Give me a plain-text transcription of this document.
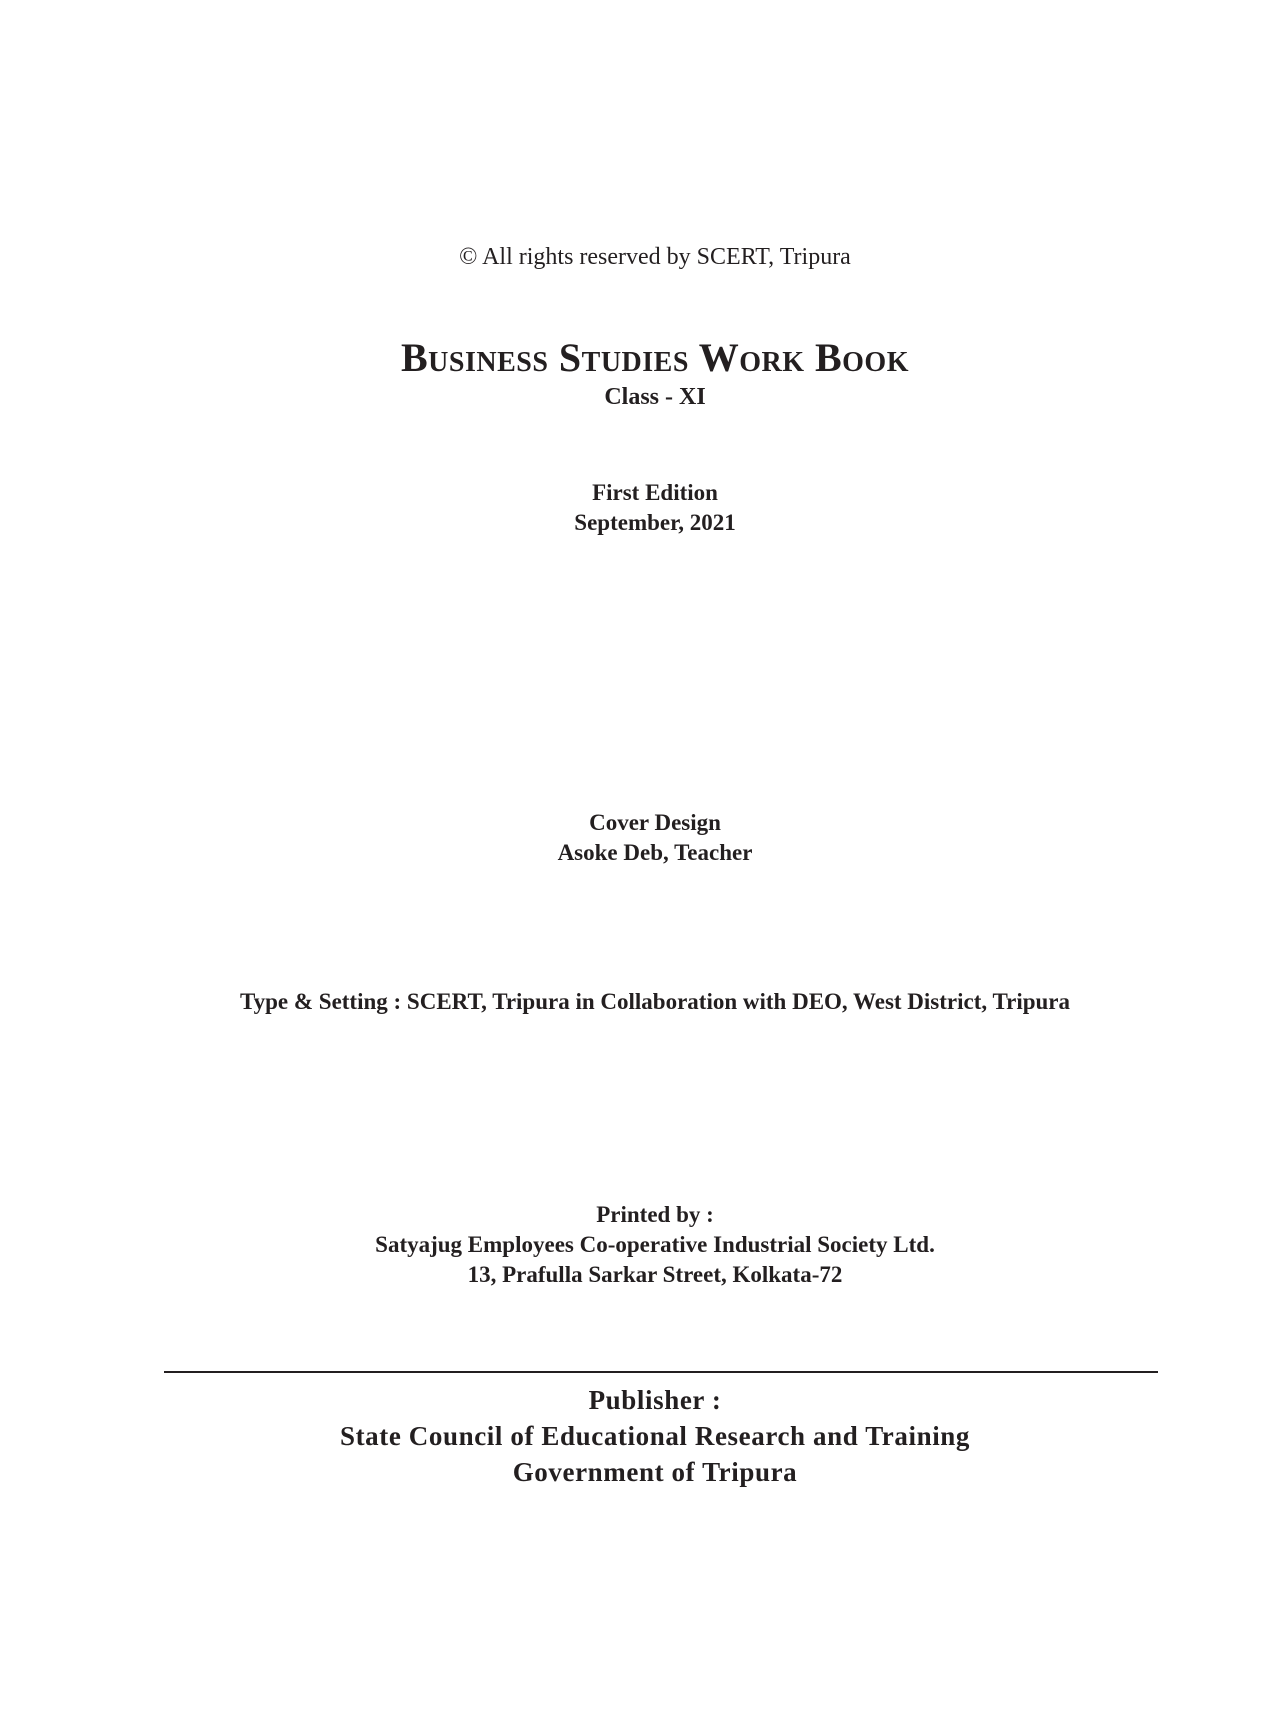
© All rights reserved by SCERT, Tripura
Business Studies Work Book
Class - XI
First Edition
September, 2021
Cover Design
Asoke Deb, Teacher
Type & Setting : SCERT, Tripura in Collaboration with DEO, West District, Tripura
Printed by :
Satyajug Employees Co-operative Industrial Society Ltd.
13, Prafulla Sarkar Street, Kolkata-72
Publisher :
State Council of Educational Research and Training
Government of Tripura
